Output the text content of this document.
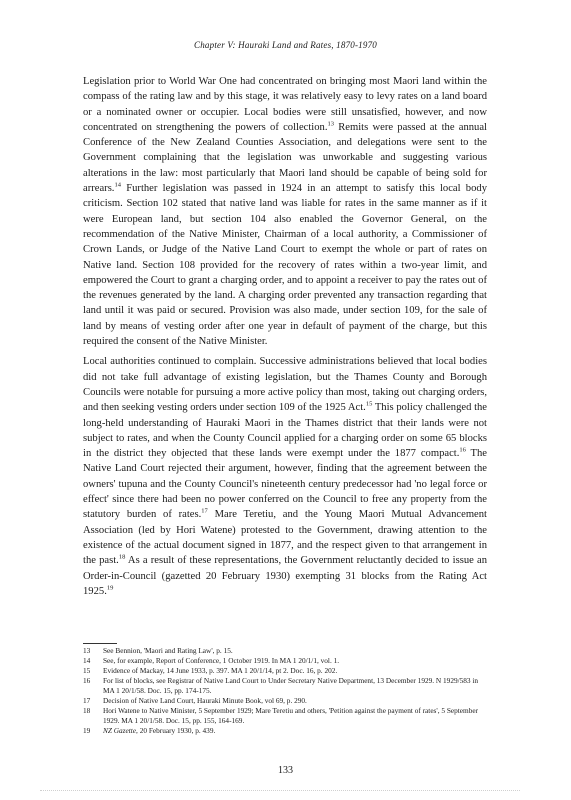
Chapter V: Hauraki Land and Rates, 1870-1970

Legislation prior to World War One had concentrated on bringing most Maori land within the compass of the rating law and by this stage, it was relatively easy to levy rates on a land board or a nominated owner or occupier. Local bodies were still unsatisfied, however, and now concentrated on strengthening the powers of collection.$^{13}$ Remits were passed at the annual Conference of the New Zealand Counties Association, and delegations were sent to the Government complaining that the legislation was unworkable and suggesting various alterations in the law: most particularly that Maori land should be capable of being sold for arrears.$^{14}$ Further legislation was passed in 1924 in an attempt to satisfy this local body criticism. Section 102 stated that native land was liable for rates in the same manner as if it were European land, but section 104 also enabled the Governor General, on the recommendation of the Native Minister, Chairman of a local authority, a Commissioner of Crown Lands, or Judge of the Native Land Court to exempt the whole or part of rates on Native land. Section 108 provided for the recovery of rates within a two-year limit, and empowered the Court to grant a charging order, and to appoint a receiver to pay the rates out of the revenues generated by the land. A charging order prevented any transaction regarding that land until it was paid or secured. Provision was also made, under section 109, for the sale of land by means of vesting order after one year in default of payment of the charge, but this required the consent of the Native Minister.

Local authorities continued to complain. Successive administrations believed that local bodies did not take full advantage of existing legislation, but the Thames County and Borough Councils were notable for pursuing a more active policy than most, taking out charging orders, and then seeking vesting orders under section 109 of the 1925 Act.$^{15}$ This policy challenged the long-held understanding of Hauraki Maori in the Thames district that their lands were not subject to rates, and when the County Council applied for a charging order on some 65 blocks in the district they objected that these lands were exempt under the 1877 compact.$^{16}$ The Native Land Court rejected their argument, however, finding that the agreement between the owners' tupuna and the County Council's nineteenth century predecessor had 'no legal force or effect' since there had been no power conferred on the Council to free any property from the statutory burden of rates.$^{17}$ Mare Teretiu, and the Young Maori Mutual Advancement Association (led by Hori Watene) protested to the Government, drawing attention to the existence of the actual document signed in 1877, and the respect given to that arrangement in the past.$^{18}$ As a result of these representations, the Government reluctantly decided to issue an Order-in-Council (gazetted 20 February 1930) exempting 31 blocks from the Rating Act 1925.19

13	See Bennion, 'Maori and Rating Law', p. 15.
14	See, for example, Report of Conference, 1 October 1919. In MA 1 20/1/1, vol. 1.
15	Evidence of Mackay, 14 June 1933, p. 397. MA 1 20/1/14, pt 2. Doc. 16, p. 202.
16	For list of blocks, see Registrar of Native Land Court to Under Secretary Native Department, 13 December 1929. N 1929/583 in MA 1 20/1/58. Doc. 15, pp. 174-175.
17	Decision of Native Land Court, Hauraki Minute Book, vol 69, p. 290.
18	Hori Watene to Native Minister, 5 September 1929; Mare Teretiu and others, 'Petition against the payment of rates', 5 September 1929. MA 1 20/1/58. Doc. 15, pp. 155, 164-169.
19	NZ Gazette, 20 February 1930, p. 439.
133
